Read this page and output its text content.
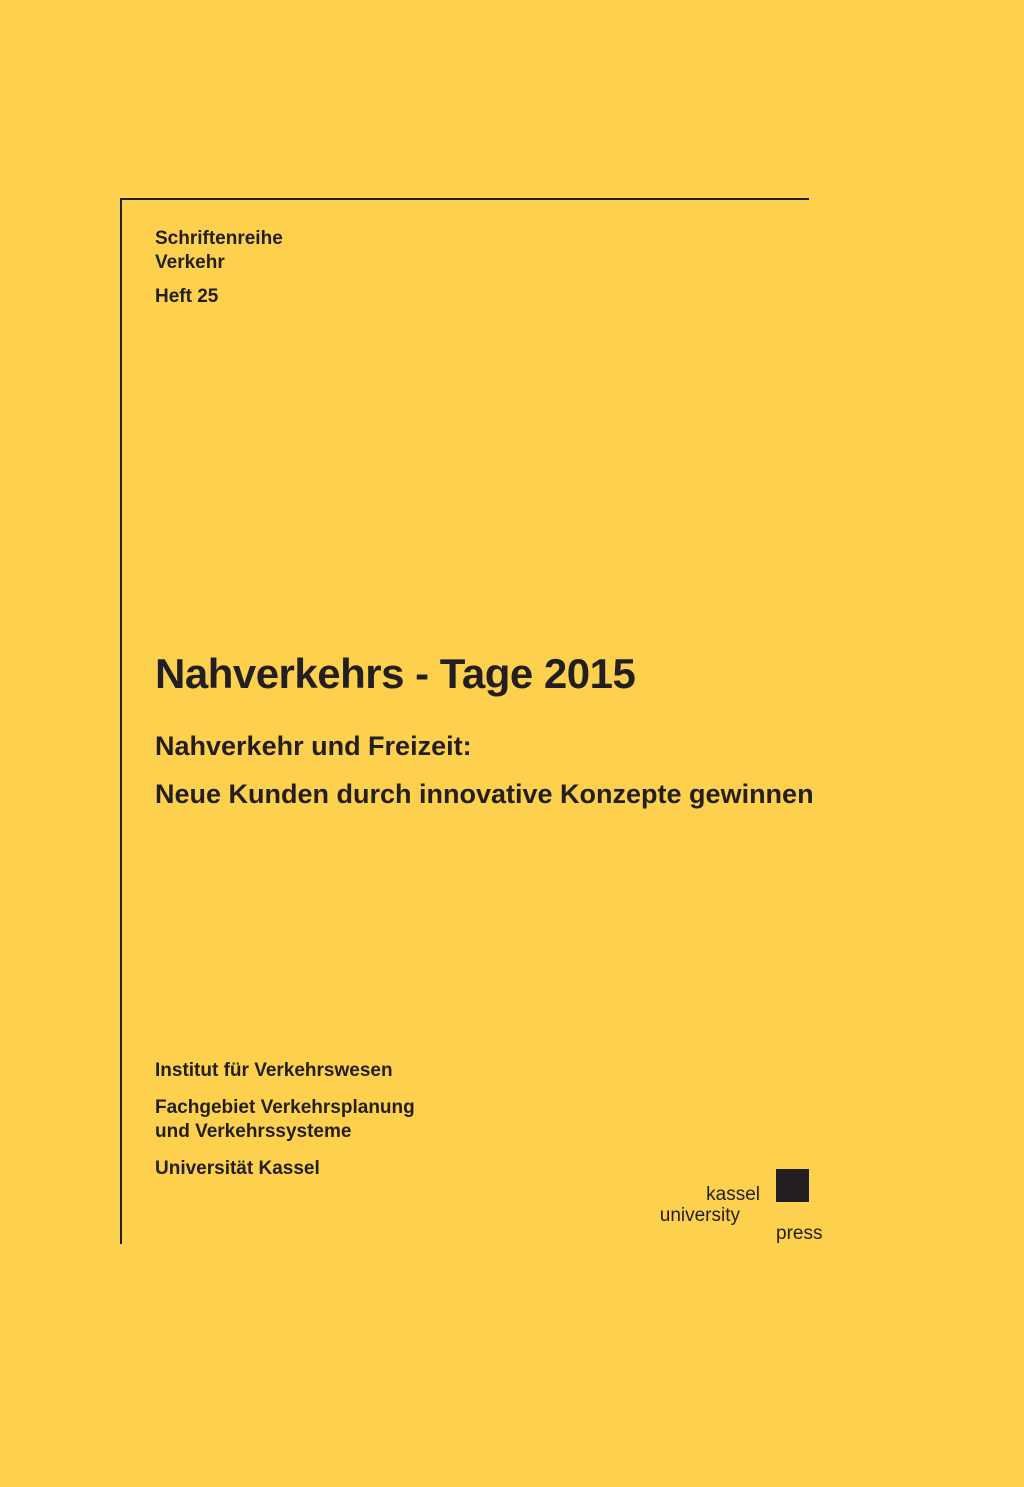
Schriftenreihe
Verkehr
Heft 25
Nahverkehrs - Tage 2015
Nahverkehr und Freizeit:
Neue Kunden durch innovative Konzepte gewinnen
Institut für Verkehrswesen
Fachgebiet Verkehrsplanung
und Verkehrssysteme
Universität Kassel
kassel
university
press
